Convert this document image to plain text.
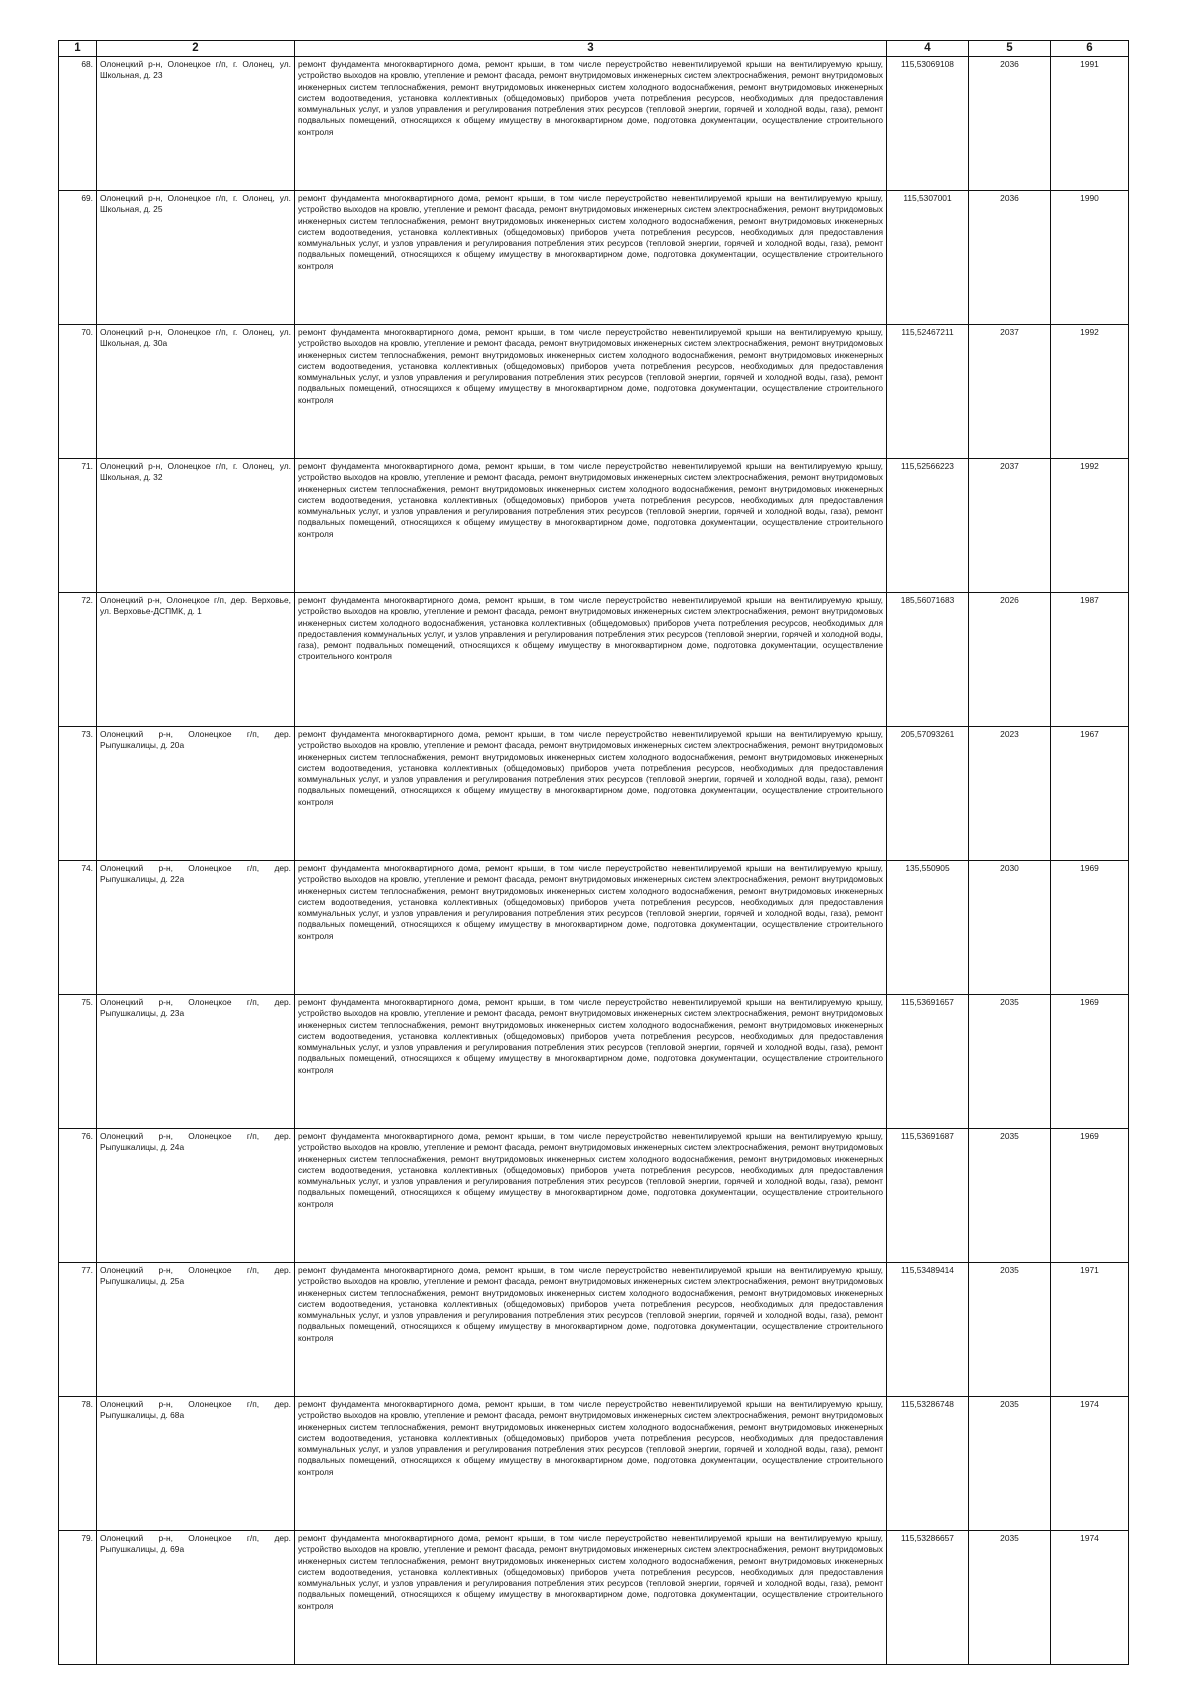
1	2	3	4	5	6
68.	Олонецкий р-н, Олонецкое г/п, г. Олонец, ул. Школьная, д. 23	ремонт фундамента многоквартирного дома, ремонт крыши, в том числе переустройство невентилируемой крыши на вентилируемую крышу, устройство выходов на кровлю, утепление и ремонт фасада, ремонт внутридомовых инженерных систем электроснабжения, ремонт внутридомовых инженерных систем теплоснабжения, ремонт внутридомовых инженерных систем холодного водоснабжения, ремонт внутридомовых инженерных систем водоотведения, установка коллективных (общедомовых) приборов учета потребления ресурсов, необходимых для предоставления коммунальных услуг, и узлов управления и регулирования потребления этих ресурсов (тепловой энергии, горячей и холодной воды, газа), ремонт подвальных помещений, относящихся к общему имуществу в многоквартирном доме, подготовка документации, осуществление строительного контроля	115,53069108	2036	1991
69.	Олонецкий р-н, Олонецкое г/п, г. Олонец, ул. Школьная, д. 25	ремонт фундамента многоквартирного дома, ремонт крыши, в том числе переустройство невентилируемой крыши на вентилируемую крышу, устройство выходов на кровлю, утепление и ремонт фасада, ремонт внутридомовых инженерных систем электроснабжения, ремонт внутридомовых инженерных систем теплоснабжения, ремонт внутридомовых инженерных систем холодного водоснабжения, ремонт внутридомовых инженерных систем водоотведения, установка коллективных (общедомовых) приборов учета потребления ресурсов, необходимых для предоставления коммунальных услуг, и узлов управления и регулирования потребления этих ресурсов (тепловой энергии, горячей и холодной воды, газа), ремонт подвальных помещений, относящихся к общему имуществу в многоквартирном доме, подготовка документации, осуществление строительного контроля	115,5307001	2036	1990
70.	Олонецкий р-н, Олонецкое г/п, г. Олонец, ул. Школьная, д. 30а	ремонт фундамента многоквартирного дома, ремонт крыши, в том числе переустройство невентилируемой крыши на вентилируемую крышу, устройство выходов на кровлю, утепление и ремонт фасада, ремонт внутридомовых инженерных систем электроснабжения, ремонт внутридомовых инженерных систем теплоснабжения, ремонт внутридомовых инженерных систем холодного водоснабжения, ремонт внутридомовых инженерных систем водоотведения, установка коллективных (общедомовых) приборов учета потребления ресурсов, необходимых для предоставления коммунальных услуг, и узлов управления и регулирования потребления этих ресурсов (тепловой энергии, горячей и холодной воды, газа), ремонт подвальных помещений, относящихся к общему имуществу в многоквартирном доме, подготовка документации, осуществление строительного контроля	115,52467211	2037	1992
71.	Олонецкий р-н, Олонецкое г/п, г. Олонец, ул. Школьная, д. 32	ремонт фундамента многоквартирного дома, ремонт крыши, в том числе переустройство невентилируемой крыши на вентилируемую крышу, устройство выходов на кровлю, утепление и ремонт фасада, ремонт внутридомовых инженерных систем электроснабжения, ремонт внутридомовых инженерных систем теплоснабжения, ремонт внутридомовых инженерных систем холодного водоснабжения, ремонт внутридомовых инженерных систем водоотведения, установка коллективных (общедомовых) приборов учета потребления ресурсов, необходимых для предоставления коммунальных услуг, и узлов управления и регулирования потребления этих ресурсов (тепловой энергии, горячей и холодной воды, газа), ремонт подвальных помещений, относящихся к общему имуществу в многоквартирном доме, подготовка документации, осуществление строительного контроля	115,52566223	2037	1992
72.	Олонецкий р-н, Олонецкое г/п, дер. Верховье, ул. Верховье-ДСПМК, д. 1	ремонт фундамента многоквартирного дома, ремонт крыши, в том числе переустройство невентилируемой крыши на вентилируемую крышу, устройство выходов на кровлю, утепление и ремонт фасада, ремонт внутридомовых инженерных систем электроснабжения, ремонт внутридомовых инженерных систем холодного водоснабжения, установка коллективных (общедомовых) приборов учета потребления ресурсов, необходимых для предоставления коммунальных услуг, и узлов управления и регулирования потребления этих ресурсов (тепловой энергии, горячей и холодной воды, газа), ремонт подвальных помещений, относящихся к общему имуществу в многоквартирном доме, подготовка документации, осуществление строительного контроля	185,56071683	2026	1987
73.	Олонецкий р-н, Олонецкое г/п, дер. Рыпушкалицы, д. 20а	ремонт фундамента многоквартирного дома, ремонт крыши, в том числе переустройство невентилируемой крыши на вентилируемую крышу, устройство выходов на кровлю, утепление и ремонт фасада, ремонт внутридомовых инженерных систем электроснабжения, ремонт внутридомовых инженерных систем теплоснабжения, ремонт внутридомовых инженерных систем холодного водоснабжения, ремонт внутридомовых инженерных систем водоотведения, установка коллективных (общедомовых) приборов учета потребления ресурсов, необходимых для предоставления коммунальных услуг, и узлов управления и регулирования потребления этих ресурсов (тепловой энергии, горячей и холодной воды, газа), ремонт подвальных помещений, относящихся к общему имуществу в многоквартирном доме, подготовка документации, осуществление строительного контроля	205,57093261	2023	1967
74.	Олонецкий р-н, Олонецкое г/п, дер. Рыпушкалицы, д. 22а	ремонт фундамента многоквартирного дома, ремонт крыши, в том числе переустройство невентилируемой крыши на вентилируемую крышу, устройство выходов на кровлю, утепление и ремонт фасада, ремонт внутридомовых инженерных систем электроснабжения, ремонт внутридомовых инженерных систем теплоснабжения, ремонт внутридомовых инженерных систем холодного водоснабжения, ремонт внутридомовых инженерных систем водоотведения, установка коллективных (общедомовых) приборов учета потребления ресурсов, необходимых для предоставления коммунальных услуг, и узлов управления и регулирования потребления этих ресурсов (тепловой энергии, горячей и холодной воды, газа), ремонт подвальных помещений, относящихся к общему имуществу в многоквартирном доме, подготовка документации, осуществление строительного контроля	135,550905	2030	1969
75.	Олонецкий р-н, Олонецкое г/п, дер. Рыпушкалицы, д. 23а	ремонт фундамента многоквартирного дома, ремонт крыши, в том числе переустройство невентилируемой крыши на вентилируемую крышу, устройство выходов на кровлю, утепление и ремонт фасада, ремонт внутридомовых инженерных систем электроснабжения, ремонт внутридомовых инженерных систем теплоснабжения, ремонт внутридомовых инженерных систем холодного водоснабжения, ремонт внутридомовых инженерных систем водоотведения, установка коллективных (общедомовых) приборов учета потребления ресурсов, необходимых для предоставления коммунальных услуг, и узлов управления и регулирования потребления этих ресурсов (тепловой энергии, горячей и холодной воды, газа), ремонт подвальных помещений, относящихся к общему имуществу в многоквартирном доме, подготовка документации, осуществление строительного контроля	115,53691657	2035	1969
76.	Олонецкий р-н, Олонецкое г/п, дер. Рыпушкалицы, д. 24а	ремонт фундамента многоквартирного дома, ремонт крыши, в том числе переустройство невентилируемой крыши на вентилируемую крышу, устройство выходов на кровлю, утепление и ремонт фасада, ремонт внутридомовых инженерных систем электроснабжения, ремонт внутридомовых инженерных систем теплоснабжения, ремонт внутридомовых инженерных систем холодного водоснабжения, ремонт внутридомовых инженерных систем водоотведения, установка коллективных (общедомовых) приборов учета потребления ресурсов, необходимых для предоставления коммунальных услуг, и узлов управления и регулирования потребления этих ресурсов (тепловой энергии, горячей и холодной воды, газа), ремонт подвальных помещений, относящихся к общему имуществу в многоквартирном доме, подготовка документации, осуществление строительного контроля	115,53691687	2035	1969
77.	Олонецкий р-н, Олонецкое г/п, дер. Рыпушкалицы, д. 25а	ремонт фундамента многоквартирного дома, ремонт крыши, в том числе переустройство невентилируемой крыши на вентилируемую крышу, устройство выходов на кровлю, утепление и ремонт фасада, ремонт внутридомовых инженерных систем электроснабжения, ремонт внутридомовых инженерных систем теплоснабжения, ремонт внутридомовых инженерных систем холодного водоснабжения, ремонт внутридомовых инженерных систем водоотведения, установка коллективных (общедомовых) приборов учета потребления ресурсов, необходимых для предоставления коммунальных услуг, и узлов управления и регулирования потребления этих ресурсов (тепловой энергии, горячей и холодной воды, газа), ремонт подвальных помещений, относящихся к общему имуществу в многоквартирном доме, подготовка документации, осуществление строительного контроля	115,53489414	2035	1971
78.	Олонецкий р-н, Олонецкое г/п, дер. Рыпушкалицы, д. 68а	ремонт фундамента многоквартирного дома, ремонт крыши, в том числе переустройство невентилируемой крыши на вентилируемую крышу, устройство выходов на кровлю, утепление и ремонт фасада, ремонт внутридомовых инженерных систем электроснабжения, ремонт внутридомовых инженерных систем теплоснабжения, ремонт внутридомовых инженерных систем холодного водоснабжения, ремонт внутридомовых инженерных систем водоотведения, установка коллективных (общедомовых) приборов учета потребления ресурсов, необходимых для предоставления коммунальных услуг, и узлов управления и регулирования потребления этих ресурсов (тепловой энергии, горячей и холодной воды, газа), ремонт подвальных помещений, относящихся к общему имуществу в многоквартирном доме, подготовка документации, осуществление строительного контроля	115,53286748	2035	1974
79.	Олонецкий р-н, Олонецкое г/п, дер. Рыпушкалицы, д. 69а	ремонт фундамента многоквартирного дома, ремонт крыши, в том числе переустройство невентилируемой крыши на вентилируемую крышу, устройство выходов на кровлю, утепление и ремонт фасада, ремонт внутридомовых инженерных систем электроснабжения, ремонт внутридомовых инженерных систем теплоснабжения, ремонт внутридомовых инженерных систем холодного водоснабжения, ремонт внутридомовых инженерных систем водоотведения, установка коллективных (общедомовых) приборов учета потребления ресурсов, необходимых для предоставления коммунальных услуг, и узлов управления и регулирования потребления этих ресурсов (тепловой энергии, горячей и холодной воды, газа), ремонт подвальных помещений, относящихся к общему имуществу в многоквартирном доме, подготовка документации, осуществление строительного контроля	115,53286657	2035	1974
